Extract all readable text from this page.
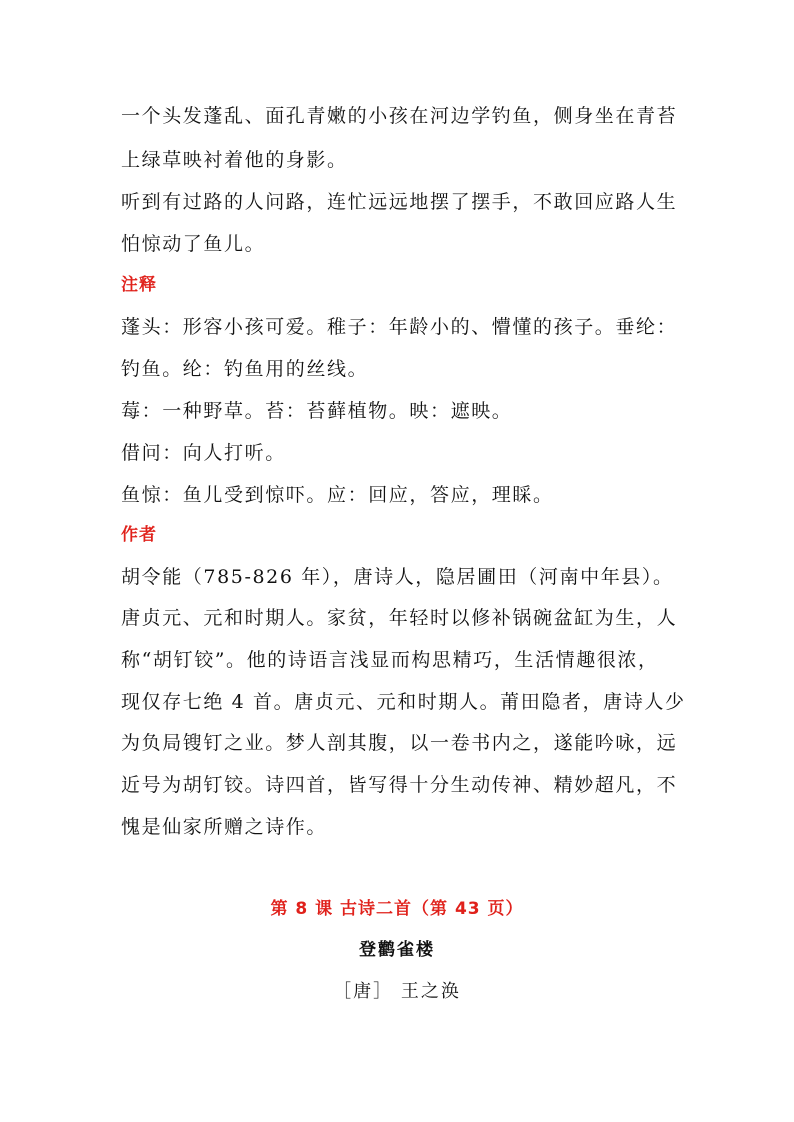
一个头发蓬乱、面孔青嫩的小孩在河边学钓鱼，侧身坐在青苔
上绿草映衬着他的身影。
听到有过路的人问路，连忙远远地摆了摆手，不敢回应路人生
怕惊动了鱼儿。
注释
蓬头：形容小孩可爱。稚子：年龄小的、懵懂的孩子。垂纶：
钓鱼。纶：钓鱼用的丝线。
莓：一种野草。苔：苔藓植物。映：遮映。
借问：向人打听。
鱼惊：鱼儿受到惊吓。应：回应，答应，理睬。
作者
胡令能（785-826 年），唐诗人，隐居圃田（河南中年县）。
唐贞元、元和时期人。家贫，年轻时以修补锅碗盆缸为生，人
称“胡钉铰”。他的诗语言浅显而构思精巧，生活情趣很浓，
现仅存七绝 4 首。唐贞元、元和时期人。莆田隐者，唐诗人少
为负局锼钉之业。梦人剖其腹，以一卷书内之，遂能吟咏，远
近号为胡钉铰。诗四首，皆写得十分生动传神、精妙超凡，不
愧是仙家所赠之诗作。
第 8 课 古诗二首（第 43 页）
登鹳雀楼
［唐］ 王之涣
